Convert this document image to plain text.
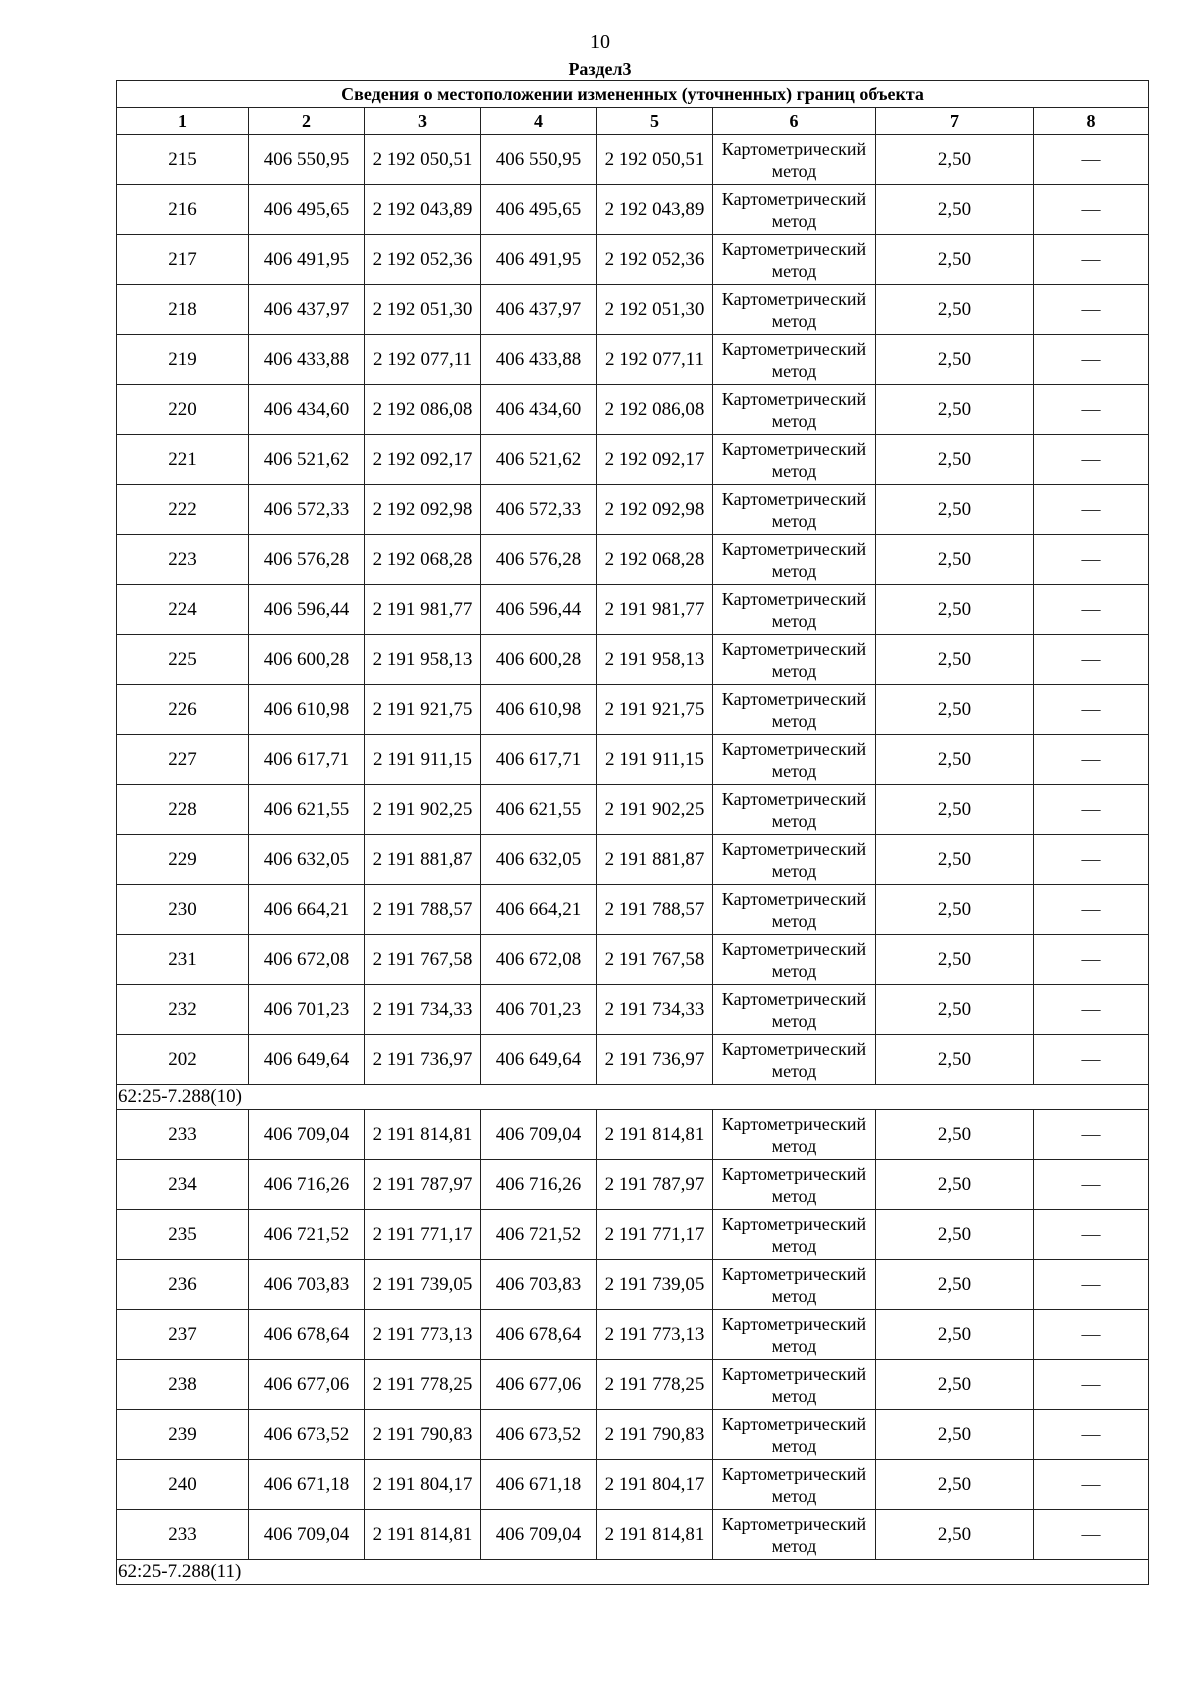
10
Раздел3
Сведения о местоположении измененных (уточненных) границ объекта							
1	2	3	4	5	6	7	8
215	406 550,95	2 192 050,51	406 550,95	2 192 050,51	Картометрический метод	2,50	—
216	406 495,65	2 192 043,89	406 495,65	2 192 043,89	Картометрический метод	2,50	—
217	406 491,95	2 192 052,36	406 491,95	2 192 052,36	Картометрический метод	2,50	—
218	406 437,97	2 192 051,30	406 437,97	2 192 051,30	Картометрический метод	2,50	—
219	406 433,88	2 192 077,11	406 433,88	2 192 077,11	Картометрический метод	2,50	—
220	406 434,60	2 192 086,08	406 434,60	2 192 086,08	Картометрический метод	2,50	—
221	406 521,62	2 192 092,17	406 521,62	2 192 092,17	Картометрический метод	2,50	—
222	406 572,33	2 192 092,98	406 572,33	2 192 092,98	Картометрический метод	2,50	—
223	406 576,28	2 192 068,28	406 576,28	2 192 068,28	Картометрический метод	2,50	—
224	406 596,44	2 191 981,77	406 596,44	2 191 981,77	Картометрический метод	2,50	—
225	406 600,28	2 191 958,13	406 600,28	2 191 958,13	Картометрический метод	2,50	—
226	406 610,98	2 191 921,75	406 610,98	2 191 921,75	Картометрический метод	2,50	—
227	406 617,71	2 191 911,15	406 617,71	2 191 911,15	Картометрический метод	2,50	—
228	406 621,55	2 191 902,25	406 621,55	2 191 902,25	Картометрический метод	2,50	—
229	406 632,05	2 191 881,87	406 632,05	2 191 881,87	Картометрический метод	2,50	—
230	406 664,21	2 191 788,57	406 664,21	2 191 788,57	Картометрический метод	2,50	—
231	406 672,08	2 191 767,58	406 672,08	2 191 767,58	Картометрический метод	2,50	—
232	406 701,23	2 191 734,33	406 701,23	2 191 734,33	Картометрический метод	2,50	—
202	406 649,64	2 191 736,97	406 649,64	2 191 736,97	Картометрический метод	2,50	—
62:25-7.288(10)							
233	406 709,04	2 191 814,81	406 709,04	2 191 814,81	Картометрический метод	2,50	—
234	406 716,26	2 191 787,97	406 716,26	2 191 787,97	Картометрический метод	2,50	—
235	406 721,52	2 191 771,17	406 721,52	2 191 771,17	Картометрический метод	2,50	—
236	406 703,83	2 191 739,05	406 703,83	2 191 739,05	Картометрический метод	2,50	—
237	406 678,64	2 191 773,13	406 678,64	2 191 773,13	Картометрический метод	2,50	—
238	406 677,06	2 191 778,25	406 677,06	2 191 778,25	Картометрический метод	2,50	—
239	406 673,52	2 191 790,83	406 673,52	2 191 790,83	Картометрический метод	2,50	—
240	406 671,18	2 191 804,17	406 671,18	2 191 804,17	Картометрический метод	2,50	—
233	406 709,04	2 191 814,81	406 709,04	2 191 814,81	Картометрический метод	2,50	—
62:25-7.288(11)							
